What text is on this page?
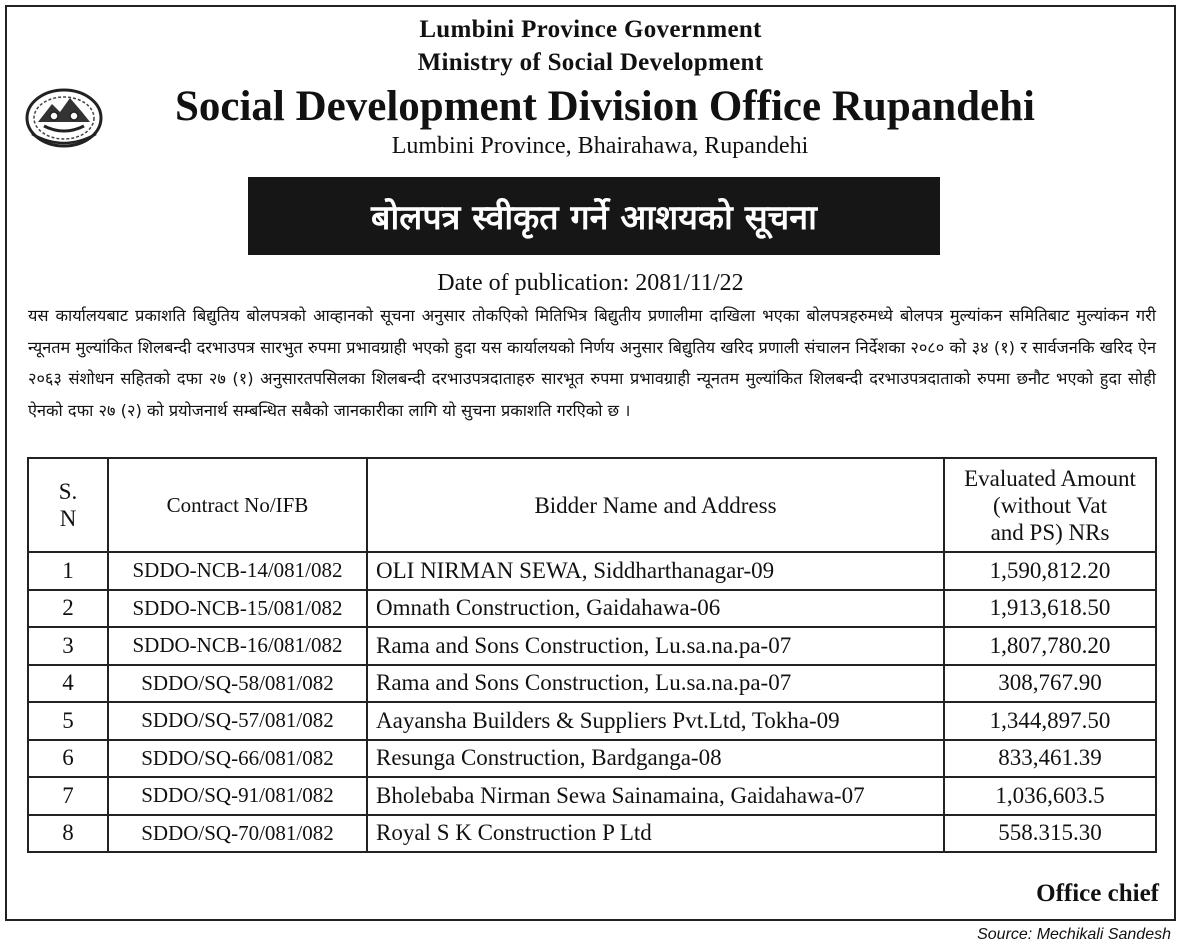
Lumbini Province Government
Ministry of Social Development
Social Development Division Office Rupandehi
Lumbini Province, Bhairahawa, Rupandehi
बोलपत्र स्वीकृत गर्ने आशयको सूचना
Date of publication: 2081/11/22

यस कार्यालयबाट प्रकाशति बिद्युतिय बोलपत्रको आव्हानको सूचना अनुसार तोकएिको मितिभित्र बिद्युतीय प्रणालीमा दाखिला भएका बोलपत्रहरुमध्ये बोलपत्र मुल्यांकन समितिबाट मुल्यांकन गरी न्यूनतम मुल्यांकित शिलबन्दी दरभाउपत्र सारभुत रुपमा प्रभावग्राही भएको हुदा यस कार्यालयको निर्णय अनुसार बिद्युतिय खरिद प्रणाली संचालन निर्देशका २०८० को ३४ (१) र सार्वजनकि खरिद ऐन २०६३ संशोधन सहितको दफा २७ (१) अनुसारतपसिलका शिलबन्दी दरभाउपत्रदाताहरु सारभूत रुपमा प्रभावग्राही न्यूनतम मुल्यांकित शिलबन्दी दरभाउपत्रदाताको रुपमा छनौट भएको हुदा सोही ऐनको दफा २७ (२) को प्रयोजनार्थ सम्बन्धित सबैको जानकारीका लागि यो सुचना प्रकाशति गरएिको छ ।

S.
N	Contract No/IFB	Bidder Name and Address	Evaluated Amount
(without Vat
and PS) NRs
1	SDDO-NCB-14/081/082	OLI NIRMAN SEWA, Siddharthanagar-09	1,590,812.20
2	SDDO-NCB-15/081/082	Omnath Construction, Gaidahawa-06	1,913,618.50
3	SDDO-NCB-16/081/082	Rama and Sons Construction, Lu.sa.na.pa-07	1,807,780.20
4	SDDO/SQ-58/081/082	Rama and Sons Construction, Lu.sa.na.pa-07	308,767.90
5	SDDO/SQ-57/081/082	Aayansha Builders & Suppliers Pvt.Ltd, Tokha-09	1,344,897.50
6	SDDO/SQ-66/081/082	Resunga Construction, Bardganga-08	833,461.39
7	SDDO/SQ-91/081/082	Bholebaba Nirman Sewa Sainamaina, Gaidahawa-07	1,036,603.5
8	SDDO/SQ-70/081/082	Royal S K Construction P Ltd	558.315.30
Office chief
Source: Mechikali Sandesh
